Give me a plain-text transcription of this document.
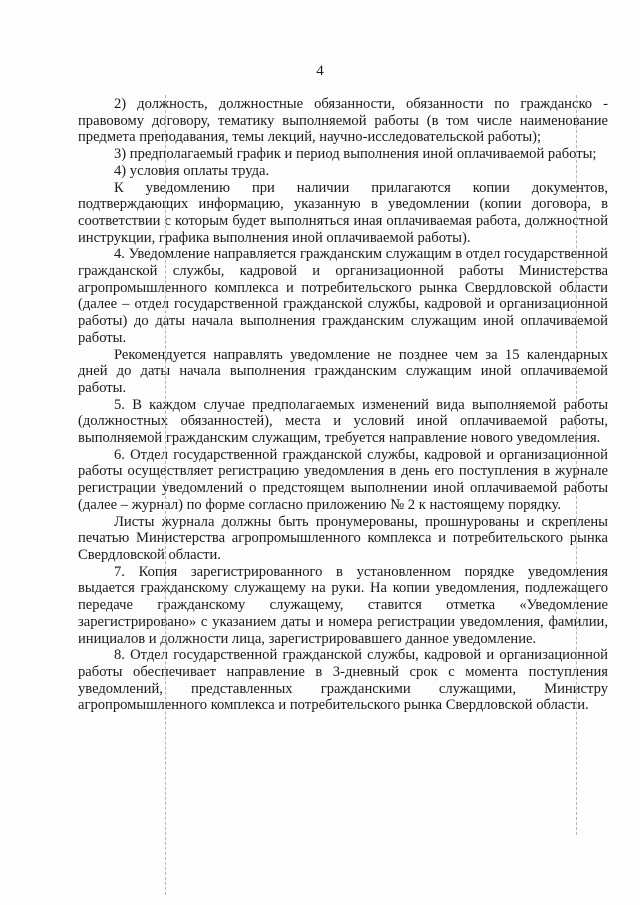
4

2) должность, должностные обязанности, обязанности по гражданско - правовому договору, тематику выполняемой работы (в том числе наименование предмета преподавания, темы лекций, научно-исследовательской работы);

3) предполагаемый график и период выполнения иной оплачиваемой работы;

4) условия оплаты труда.

К уведомлению при наличии прилагаются копии документов, подтверждающих информацию, указанную в уведомлении (копии договора, в соответствии с которым будет выполняться иная оплачиваемая работа, должностной инструкции, графика выполнения иной оплачиваемой работы).

4. Уведомление направляется гражданским служащим в отдел государственной гражданской службы, кадровой и организационной работы Министерства агропромышленного комплекса и потребительского рынка Свердловской области (далее – отдел государственной гражданской службы, кадровой и организационной работы) до даты начала выполнения гражданским служащим иной оплачиваемой работы.

Рекомендуется направлять уведомление не позднее чем за 15 календарных дней до даты начала выполнения гражданским служащим иной оплачиваемой работы.

5. В каждом случае предполагаемых изменений вида выполняемой работы (должностных обязанностей), места и условий иной оплачиваемой работы, выполняемой гражданским служащим, требуется направление нового уведомления.

6. Отдел государственной гражданской службы, кадровой и организационной работы осуществляет регистрацию уведомления в день его поступления в журнале регистрации уведомлений о предстоящем выполнении иной оплачиваемой работы (далее – журнал) по форме согласно приложению № 2 к настоящему порядку.

Листы журнала должны быть пронумерованы, прошнурованы и скреплены печатью Министерства агропромышленного комплекса и потребительского рынка Свердловской области.

7. Копия зарегистрированного в установленном порядке уведомления выдается гражданскому служащему на руки. На копии уведомления, подлежащего передаче гражданскому служащему, ставится отметка «Уведомление зарегистрировано» с указанием даты и номера регистрации уведомления, фамилии, инициалов и должности лица, зарегистрировавшего данное уведомление.

8. Отдел государственной гражданской службы, кадровой и организационной работы обеспечивает направление в 3-дневный срок с момента поступления уведомлений, представленных гражданскими служащими, Министру агропромышленного комплекса и потребительского рынка Свердловской области.
